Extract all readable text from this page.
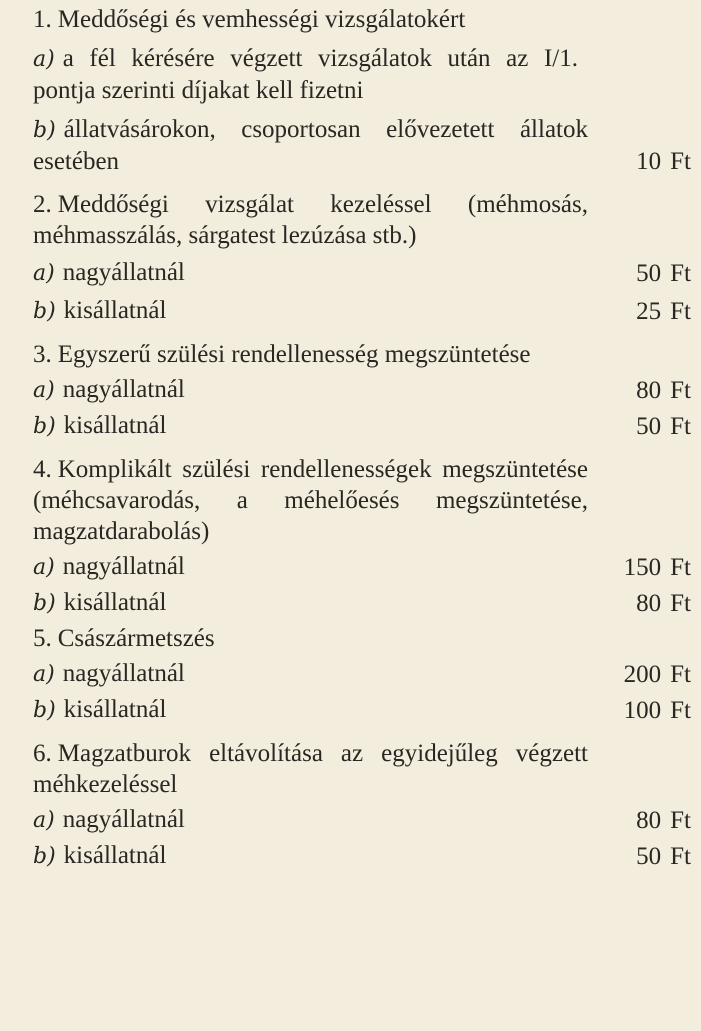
1. Meddőségi és vemhességi vizsgálatokért
a) a fél kérésére végzett vizsgálatok után az I/1. pontja szerinti díjakat kell fizetni
b) állatvásárokon, csoportosan elővezetett állatok esetében	10 Ft
2. Meddőségi vizsgálat kezeléssel (méhmosás, méhmasszálás, sárgatest lezúzása stb.)
a) nagyállatnál	50 Ft
b) kisállatnál	25 Ft
3. Egyszerű szülési rendellenesség megszüntetése
a) nagyállatnál	80 Ft
b) kisállatnál	50 Ft
4. Komplikált szülési rendellenességek megszüntetése (méhcsavarodás, a méhelőesés megszüntetése, magzatdarabolás)
a) nagyállatnál	150 Ft
b) kisállatnál	80 Ft
5. Császármetszés
a) nagyállatnál	200 Ft
b) kisállatnál	100 Ft
6. Magzatburok eltávolítása az egyidejűleg végzett méhkezeléssel
a) nagyállatnál	80 Ft
b) kisállatnál	50 Ft
